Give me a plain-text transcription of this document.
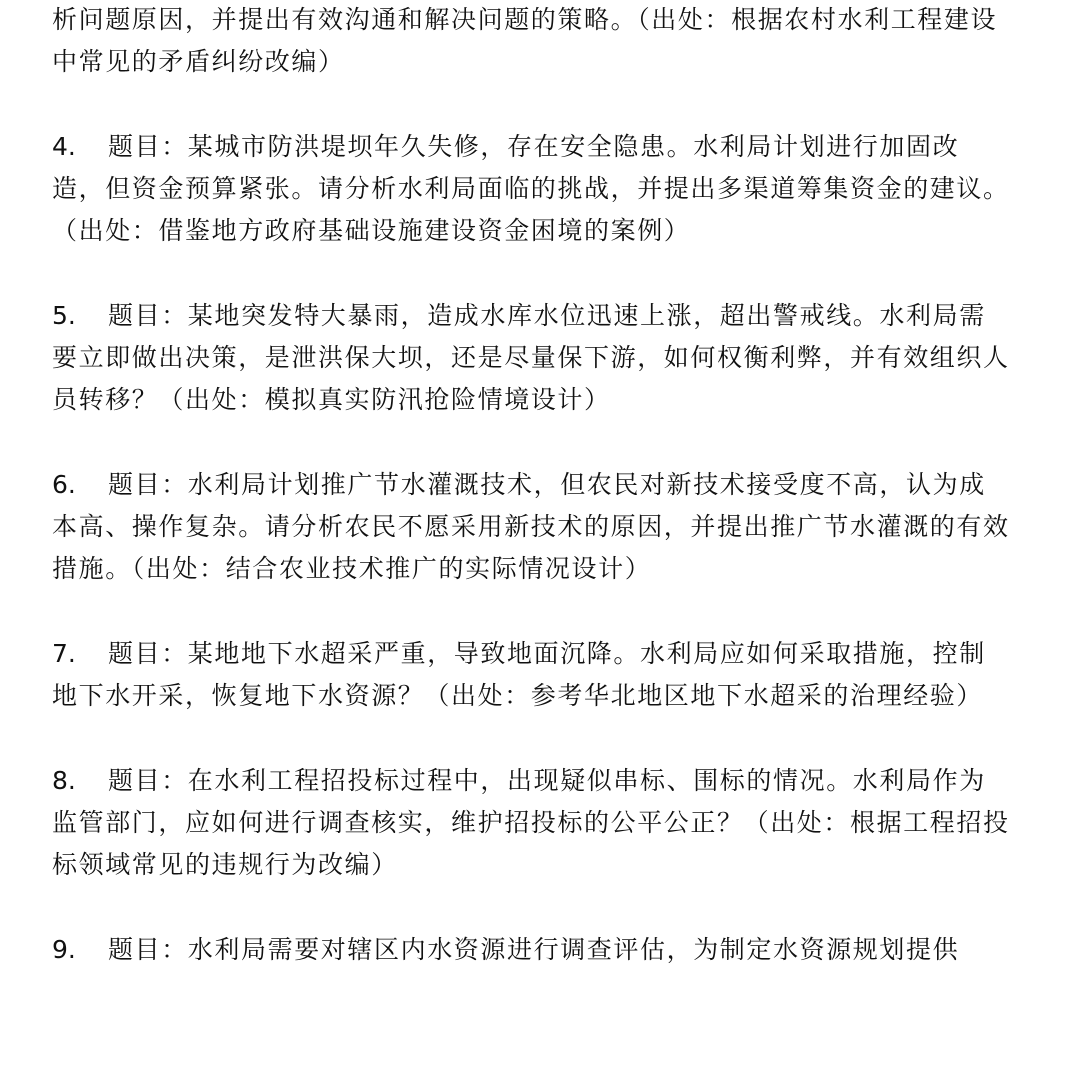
析问题原因，并提出有效沟通和解决问题的策略。（出处：根据农村水利工程建设中常见的矛盾纠纷改编）

4. 题目：某城市防洪堤坝年久失修，存在安全隐患。水利局计划进行加固改造，但资金预算紧张。请分析水利局面临的挑战，并提出多渠道筹集资金的建议。（出处：借鉴地方政府基础设施建设资金困境的案例）

5. 题目：某地突发特大暴雨，造成水库水位迅速上涨，超出警戒线。水利局需要立即做出决策，是泄洪保大坝，还是尽量保下游，如何权衡利弊，并有效组织人员转移？（出处：模拟真实防汛抢险情境设计）

6. 题目：水利局计划推广节水灌溉技术，但农民对新技术接受度不高，认为成本高、操作复杂。请分析农民不愿采用新技术的原因，并提出推广节水灌溉的有效措施。（出处：结合农业技术推广的实际情况设计）

7. 题目：某地地下水超采严重，导致地面沉降。水利局应如何采取措施，控制地下水开采，恢复地下水资源？（出处：参考华北地区地下水超采的治理经验）

8. 题目：在水利工程招投标过程中，出现疑似串标、围标的情况。水利局作为监管部门，应如何进行调查核实，维护招投标的公平公正？（出处：根据工程招投标领域常见的违规行为改编）

9. 题目：水利局需要对辖区内水资源进行调查评估，为制定水资源规划提供
